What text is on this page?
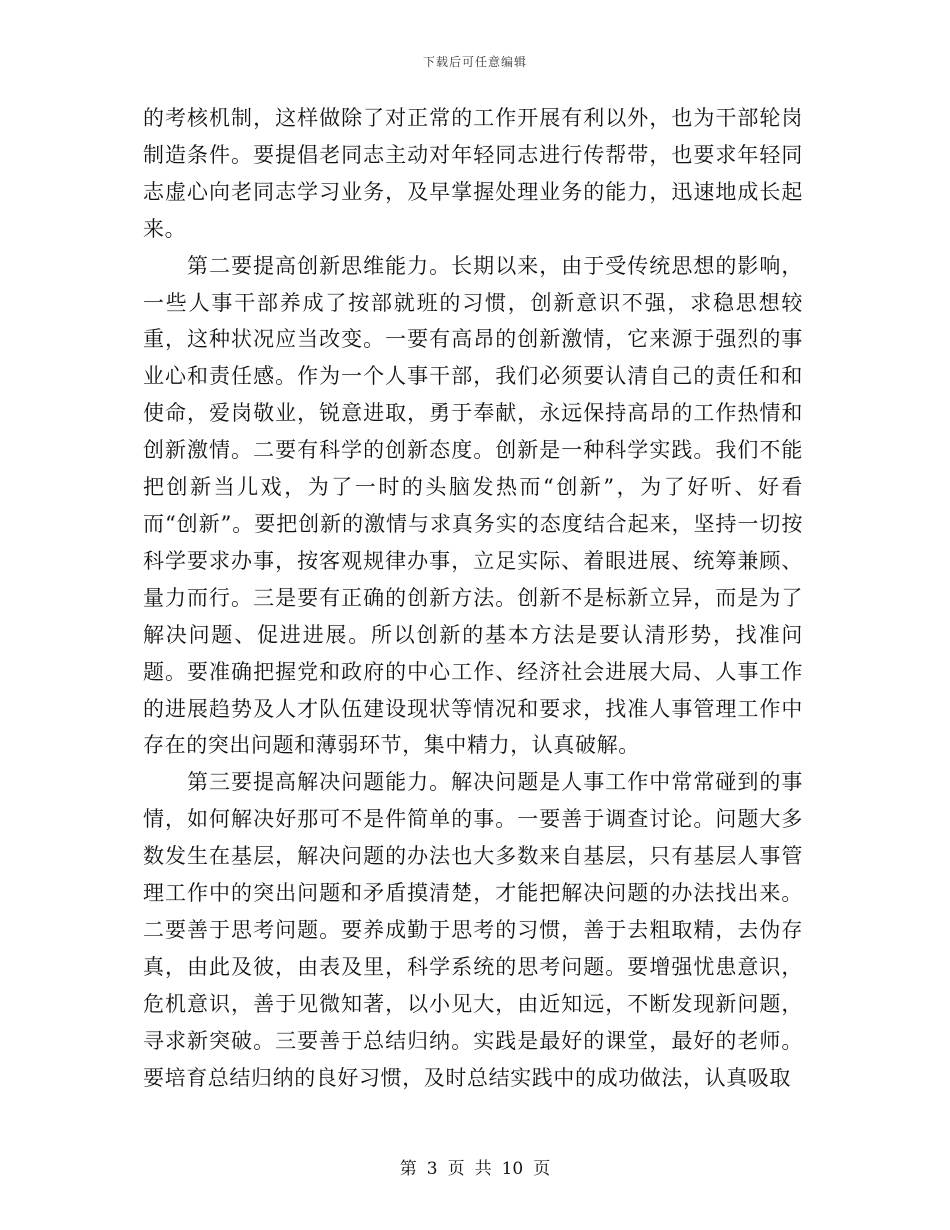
下载后可任意编辑

的考核机制，这样做除了对正常的工作开展有利以外，也为干部轮岗制造条件。要提倡老同志主动对年轻同志进行传帮带，也要求年轻同志虚心向老同志学习业务，及早掌握处理业务的能力，迅速地成长起来。

第二要提高创新思维能力。长期以来，由于受传统思想的影响，一些人事干部养成了按部就班的习惯，创新意识不强，求稳思想较重，这种状况应当改变。一要有高昂的创新激情，它来源于强烈的事业心和责任感。作为一个人事干部，我们必须要认清自己的责任和和使命，爱岗敬业，锐意进取，勇于奉献，永远保持高昂的工作热情和创新激情。二要有科学的创新态度。创新是一种科学实践。我们不能把创新当儿戏，为了一时的头脑发热而“创新”，为了好听、好看而“创新”。要把创新的激情与求真务实的态度结合起来，坚持一切按科学要求办事，按客观规律办事，立足实际、着眼进展、统筹兼顾、量力而行。三是要有正确的创新方法。创新不是标新立异，而是为了解决问题、促进进展。所以创新的基本方法是要认清形势，找准问题。要准确把握党和政府的中心工作、经济社会进展大局、人事工作的进展趋势及人才队伍建设现状等情况和要求，找准人事管理工作中存在的突出问题和薄弱环节，集中精力，认真破解。

第三要提高解决问题能力。解决问题是人事工作中常常碰到的事情，如何解决好那可不是件简单的事。一要善于调查讨论。问题大多数发生在基层，解决问题的办法也大多数来自基层，只有基层人事管理工作中的突出问题和矛盾摸清楚，才能把解决问题的办法找出来。二要善于思考问题。要养成勤于思考的习惯，善于去粗取精，去伪存真，由此及彼，由表及里，科学系统的思考问题。要增强忧患意识，危机意识，善于见微知著，以小见大，由近知远，不断发现新问题，寻求新突破。三要善于总结归纳。实践是最好的课堂，最好的老师。要培育总结归纳的良好习惯，及时总结实践中的成功做法，认真吸取

第 3 页 共 10 页
